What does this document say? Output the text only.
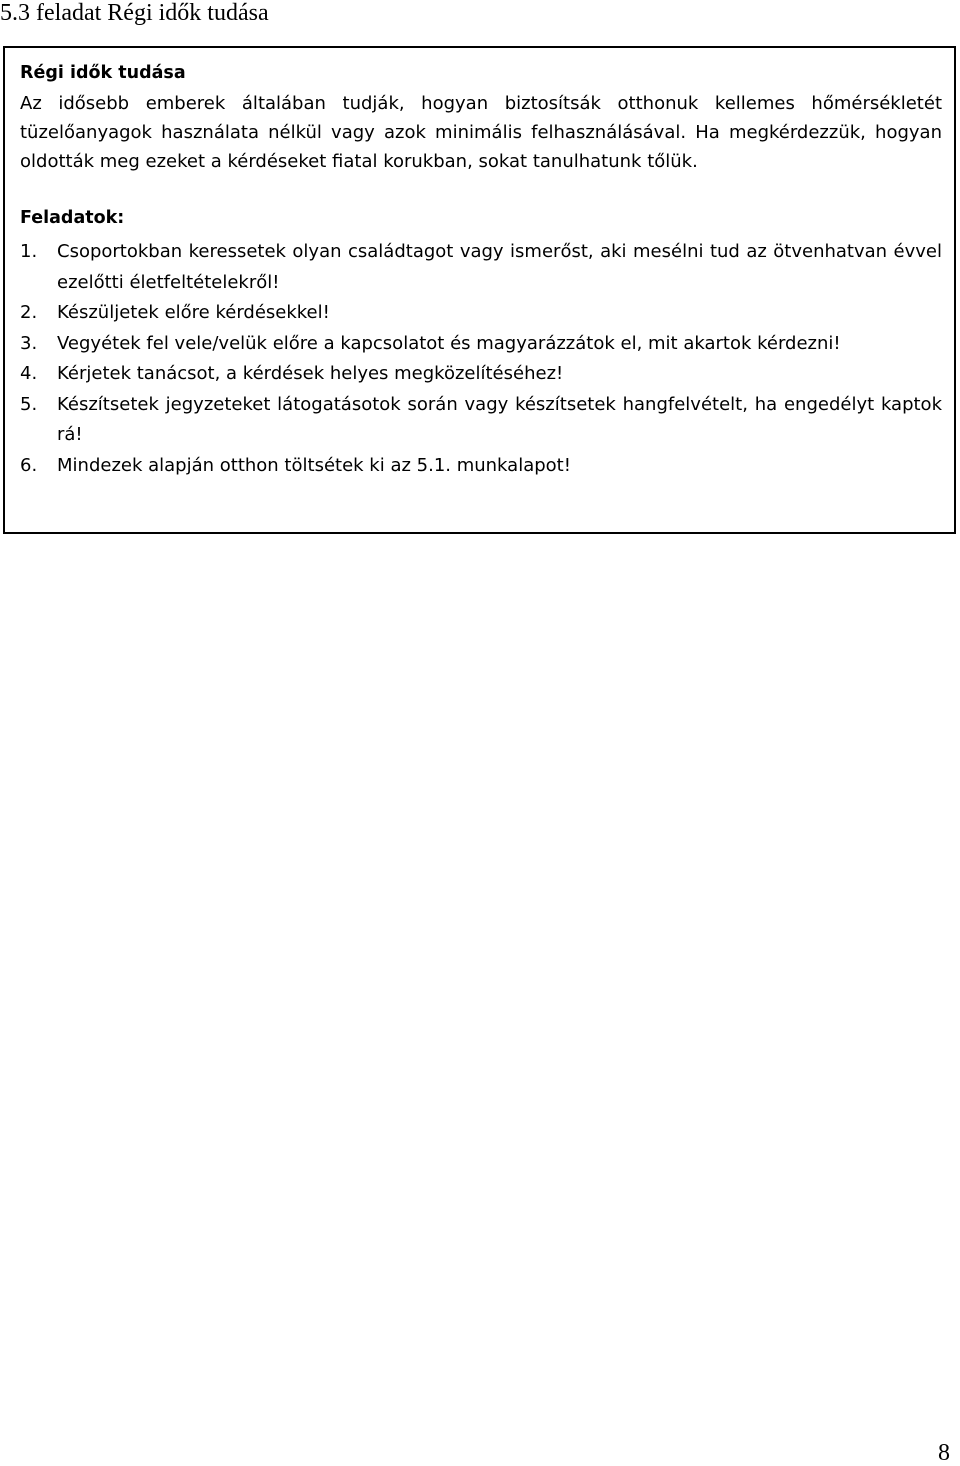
5.3 feladat Régi idők tudása
Régi idők tudása

Az idősebb emberek általában tudják, hogyan biztosítsák otthonuk kellemes hőmérsékletét tüzelőanyagok használata nélkül vagy azok minimális felhasználásával. Ha megkérdezzük, hogyan oldották meg ezeket a kérdéseket fiatal korukban, sokat tanulhatunk tőlük.

Feladatok:
1.	Csoportokban keressetek olyan családtagot vagy ismerőst, aki mesélni tud az ötvenhatvan évvel ezelőtti életfeltételekről!
2.	Készüljetek előre kérdésekkel!
3.	Vegyétek fel vele/velük előre a kapcsolatot és magyarázzátok el, mit akartok kérdezni!
4.	Kérjetek tanácsot, a kérdések helyes megközelítéséhez!
5.	Készítsetek jegyzeteket látogatásotok során vagy készítsetek hangfelvételt, ha engedélyt kaptok rá!
6.	Mindezek alapján otthon töltsétek ki az 5.1. munkalapot!

8
